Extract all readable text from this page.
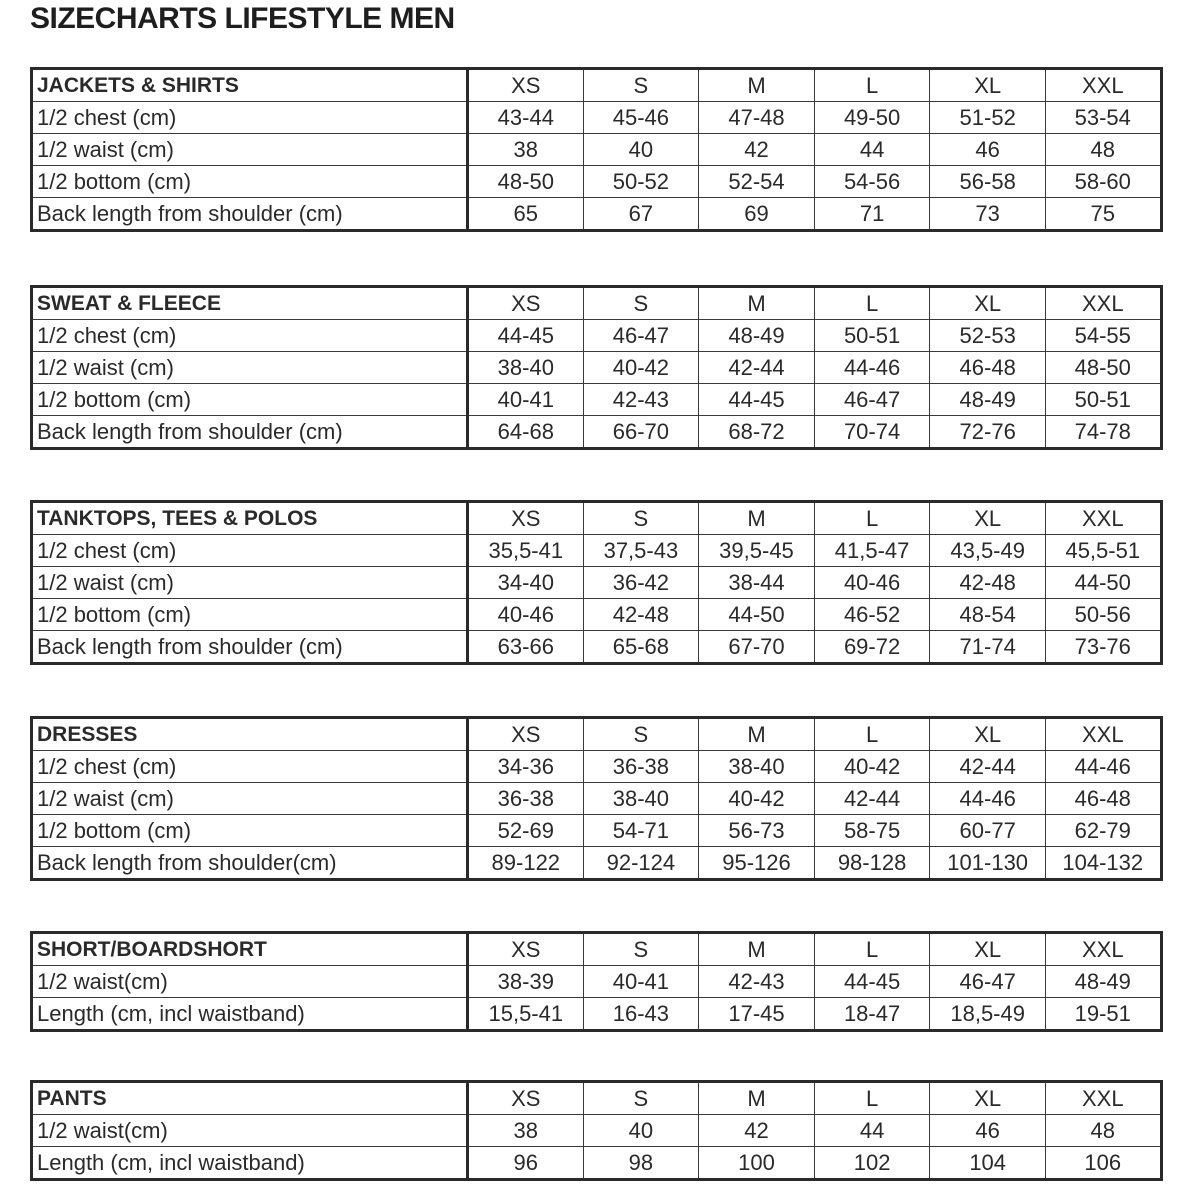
SIZECHARTS LIFESTYLE MEN
JACKETS & SHIRTS	XS	S	M	L	XL	XXL
1/2 chest (cm)	43-44	45-46	47-48	49-50	51-52	53-54
1/2 waist (cm)	38	40	42	44	46	48
1/2 bottom (cm)	48-50	50-52	52-54	54-56	56-58	58-60
Back length from shoulder (cm)	65	67	69	71	73	75
SWEAT & FLEECE	XS	S	M	L	XL	XXL
1/2 chest (cm)	44-45	46-47	48-49	50-51	52-53	54-55
1/2 waist (cm)	38-40	40-42	42-44	44-46	46-48	48-50
1/2 bottom (cm)	40-41	42-43	44-45	46-47	48-49	50-51
Back length from shoulder (cm)	64-68	66-70	68-72	70-74	72-76	74-78
TANKTOPS, TEES & POLOS	XS	S	M	L	XL	XXL
1/2 chest (cm)	35,5-41	37,5-43	39,5-45	41,5-47	43,5-49	45,5-51
1/2 waist (cm)	34-40	36-42	38-44	40-46	42-48	44-50
1/2 bottom (cm)	40-46	42-48	44-50	46-52	48-54	50-56
Back length from shoulder (cm)	63-66	65-68	67-70	69-72	71-74	73-76
DRESSES	XS	S	M	L	XL	XXL
1/2 chest (cm)	34-36	36-38	38-40	40-42	42-44	44-46
1/2 waist (cm)	36-38	38-40	40-42	42-44	44-46	46-48
1/2 bottom (cm)	52-69	54-71	56-73	58-75	60-77	62-79
Back length from shoulder(cm)	89-122	92-124	95-126	98-128	101-130	104-132
SHORT/BOARDSHORT	XS	S	M	L	XL	XXL
1/2 waist(cm)	38-39	40-41	42-43	44-45	46-47	48-49
Length (cm, incl waistband)	15,5-41	16-43	17-45	18-47	18,5-49	19-51
PANTS	XS	S	M	L	XL	XXL
1/2 waist(cm)	38	40	42	44	46	48
Length (cm, incl waistband)	96	98	100	102	104	106
